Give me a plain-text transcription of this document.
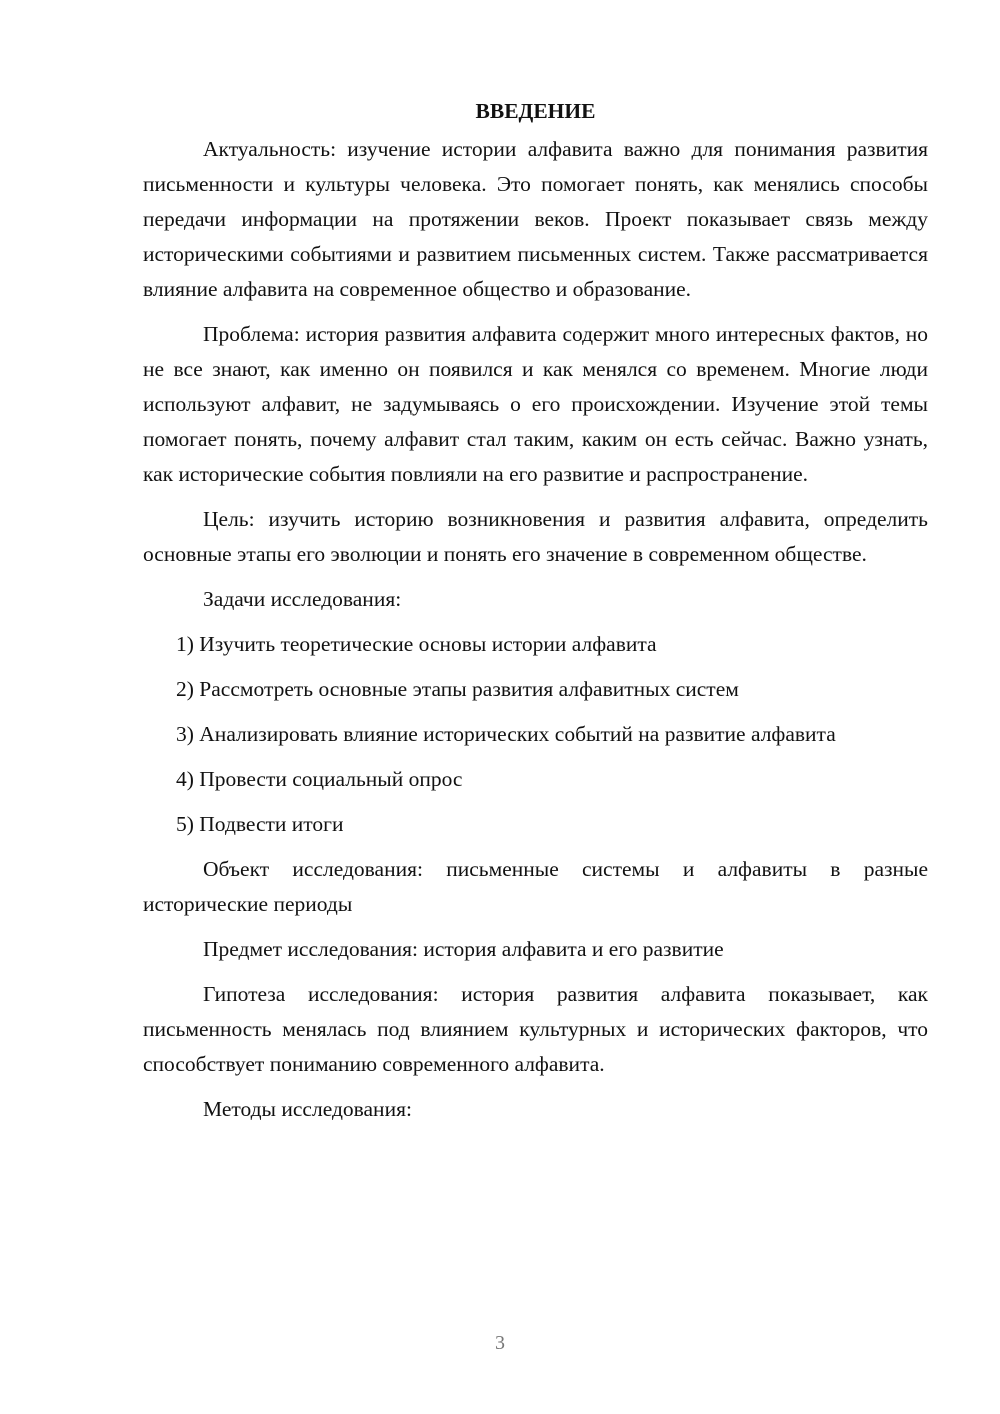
ВВЕДЕНИЕ

Актуальность: изучение истории алфавита важно для понимания развития письменности и культуры человека. Это помогает понять, как менялись способы передачи информации на протяжении веков. Проект показывает связь между историческими событиями и развитием письменных систем. Также рассматривается влияние алфавита на современное общество и образование.

Проблема: история развития алфавита содержит много интересных фактов, но не все знают, как именно он появился и как менялся со временем. Многие люди используют алфавит, не задумываясь о его происхождении. Изучение этой темы помогает понять, почему алфавит стал таким, каким он есть сейчас. Важно узнать, как исторические события повлияли на его развитие и распространение.

Цель: изучить историю возникновения и развития алфавита, определить основные этапы его эволюции и понять его значение в современном обществе.

Задачи исследования:

1) Изучить теоретические основы истории алфавита

2) Рассмотреть основные этапы развития алфавитных систем

3) Анализировать влияние исторических событий на развитие алфавита

4) Провести социальный опрос

5) Подвести итоги

Объект исследования: письменные системы и алфавиты в разные исторические периоды

Предмет исследования: история алфавита и его развитие

Гипотеза исследования: история развития алфавита показывает, как письменность менялась под влиянием культурных и исторических факторов, что способствует пониманию современного алфавита.

Методы исследования:

3
